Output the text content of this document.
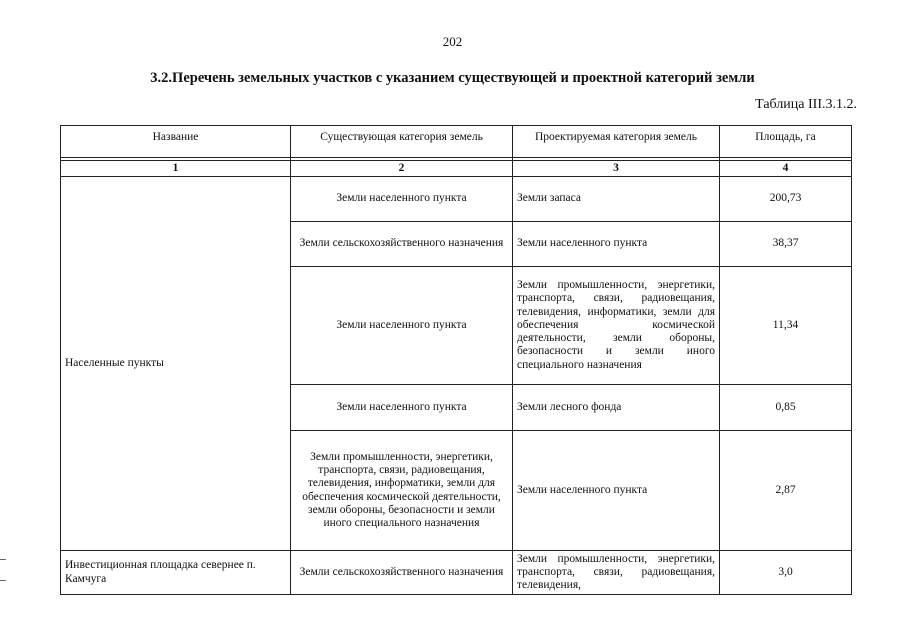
202
3.2.Перечень земельных участков с указанием существующей и проектной категорий земли
Таблица III.3.1.2.
Название	Существующая категория земель	Проектируемая категория земель	Площадь, га

1	2	3	4
Населенные пункты	Земли населенного пункта	Земли запаса	200,73
	Земли сельскохозяйственного назначения	Земли населенного пункта	38,37
	Земли населенного пункта	Земли промышленности, энергетики, транспорта, связи, радиовещания, телевидения, информатики, земли для обеспечения космической деятельности, земли обороны, безопасности и земли иного специального назначения	11,34
	Земли населенного пункта	Земли лесного фонда	0,85
	Земли промышленности, энергетики, транспорта, связи, радиовещания, телевидения, информатики, земли для обеспечения космической деятельности, земли обороны, безопасности и земли иного специального назначения	Земли населенного пункта	2,87
Инвестиционная площадка севернее п. Камчуга	Земли сельскохозяйственного назначения	Земли промышленности, энергетики, транспорта, связи, радиовещания, телевидения,	3,0
